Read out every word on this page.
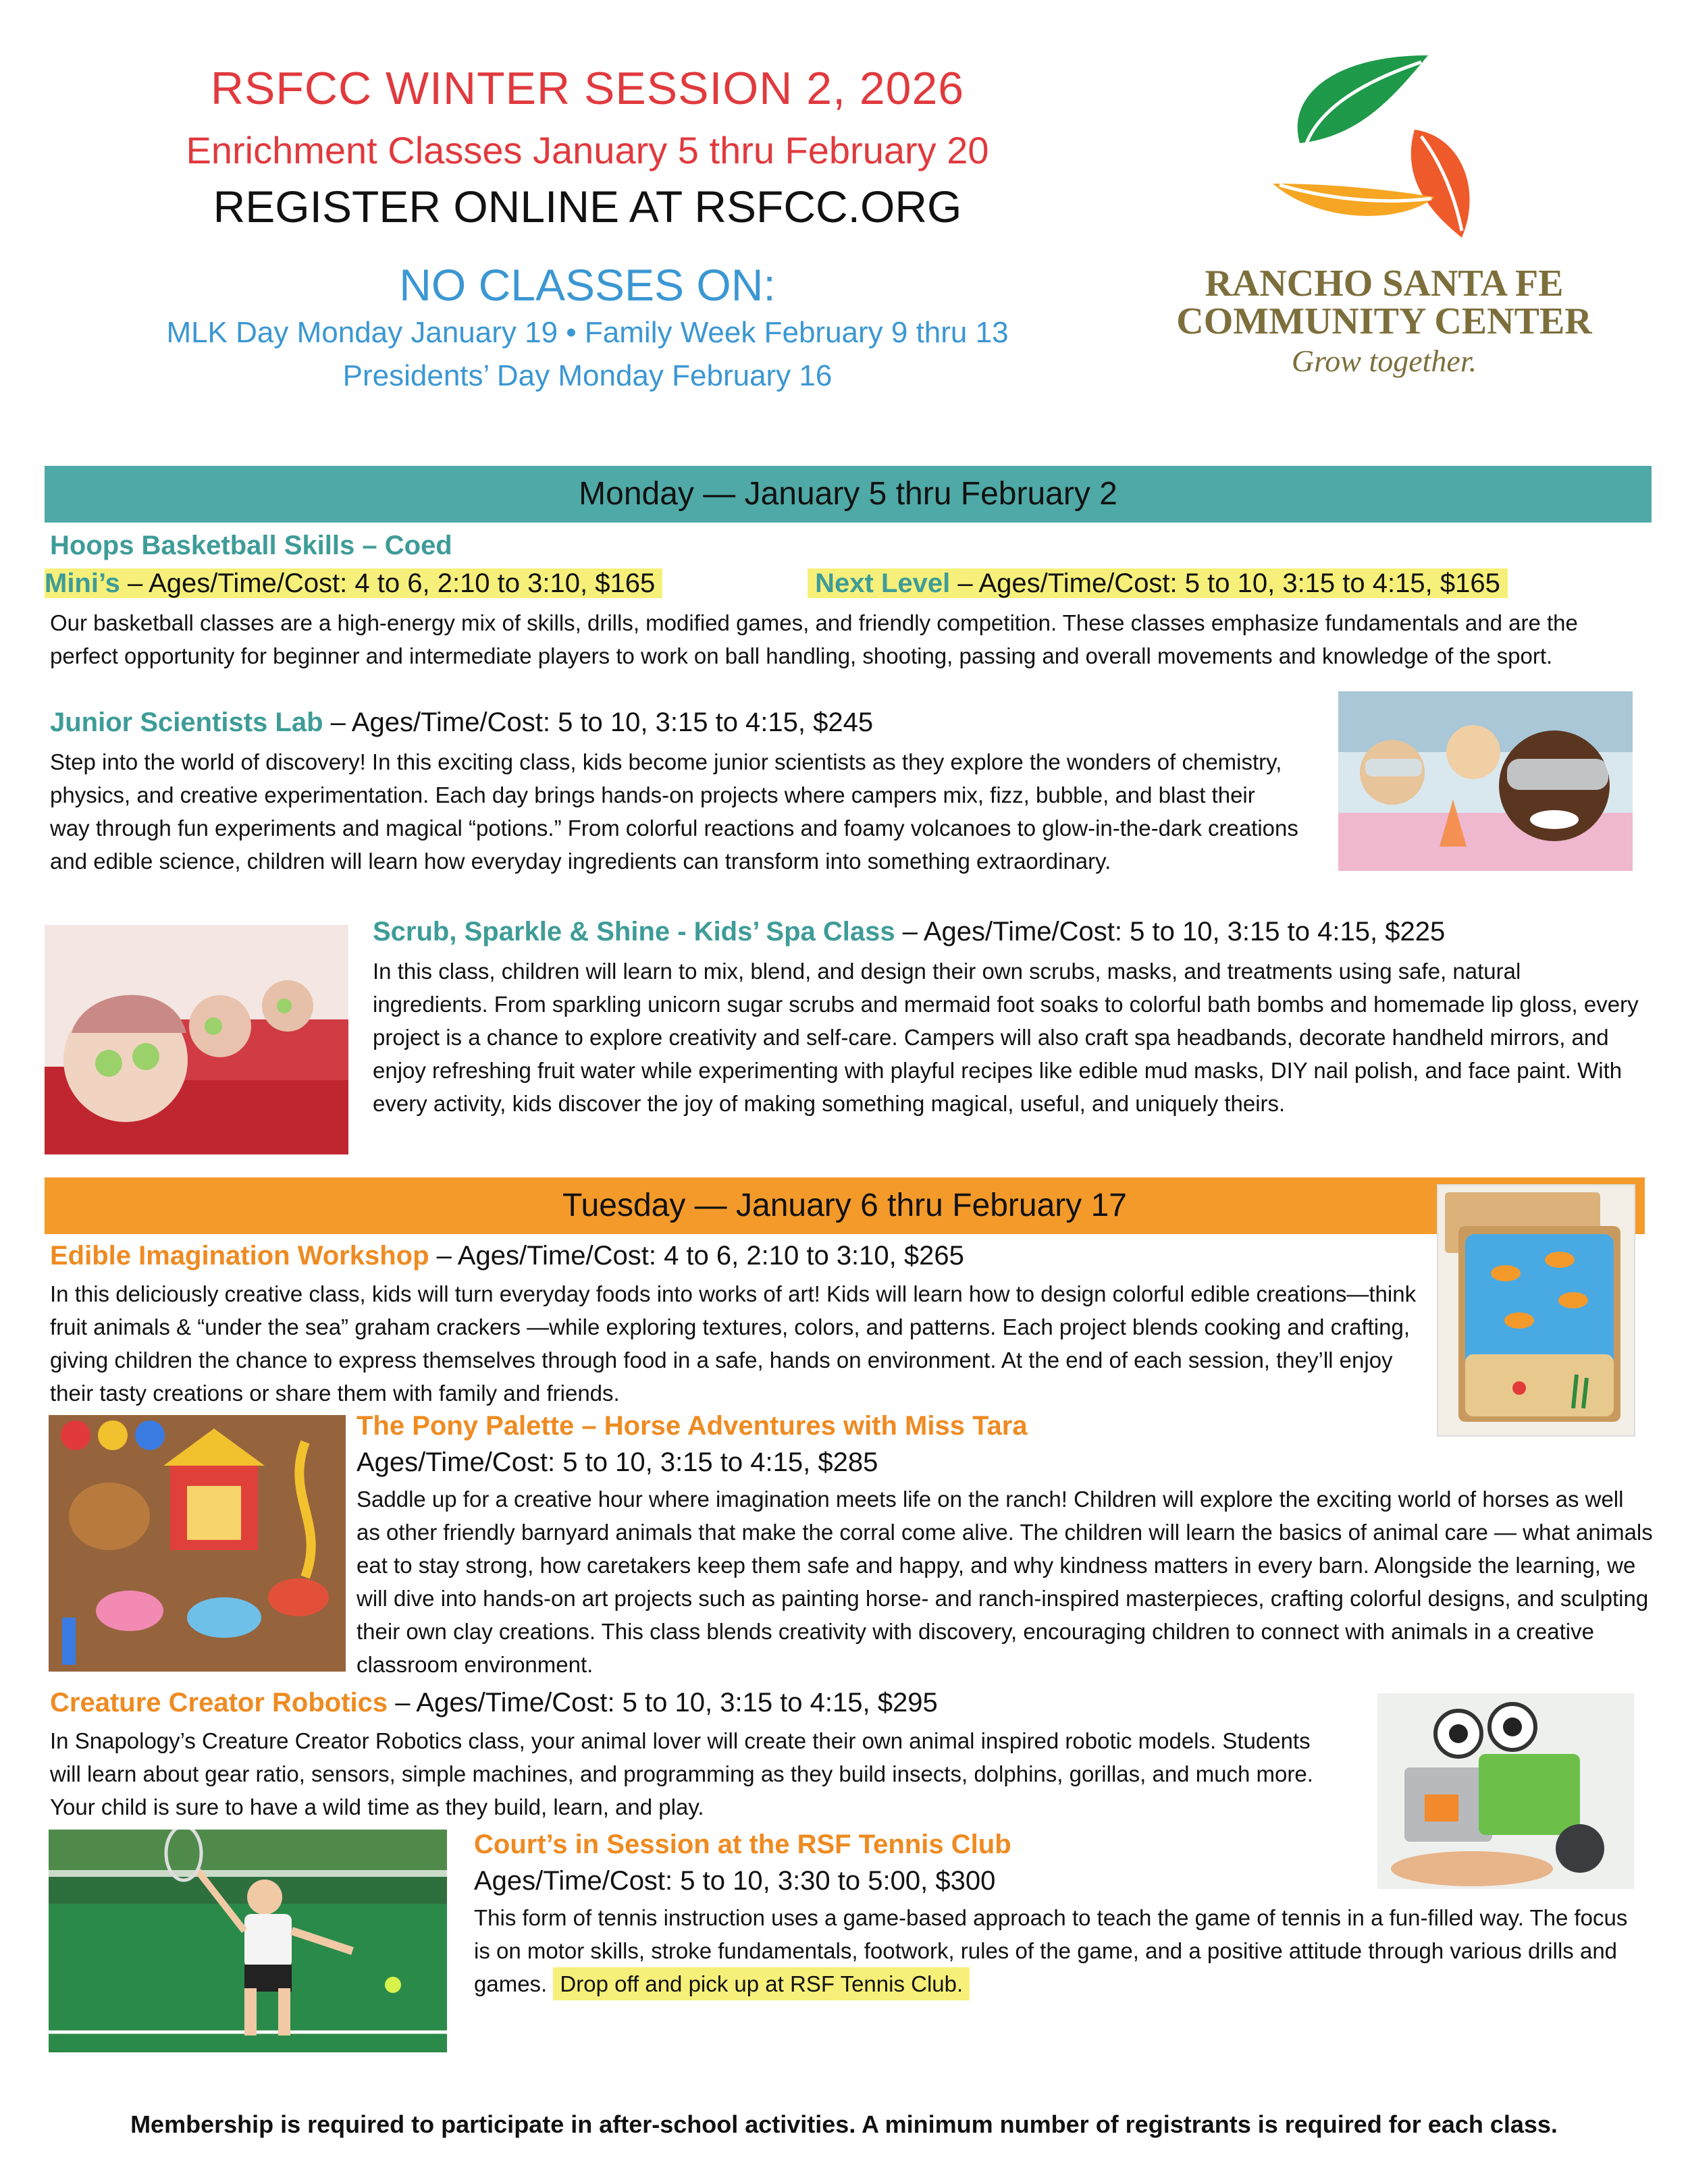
RSFCC WINTER SESSION 2, 2026
Enrichment Classes January 5 thru February 20
REGISTER ONLINE AT RSFCC.ORG
NO CLASSES ON:
MLK Day Monday January 19 • Family Week February 9 thru 13
Presidents’ Day Monday February 16
RANCHO SANTA FE
COMMUNITY CENTER
Grow together.
Monday — January 5 thru February 2
Hoops Basketball Skills – Coed
Mini’s – Ages/Time/Cost: 4 to 6, 2:10 to 3:10, $165	Next Level – Ages/Time/Cost: 5 to 10, 3:15 to 4:15, $165
Our basketball classes are a high-energy mix of skills, drills, modified games, and friendly competition. These classes emphasize fundamentals and are the perfect opportunity for beginner and intermediate players to work on ball handling, shooting, passing and overall movements and knowledge of the sport.
Junior Scientists Lab – Ages/Time/Cost: 5 to 10, 3:15 to 4:15, $245
Step into the world of discovery! In this exciting class, kids become junior scientists as they explore the wonders of chemistry, physics, and creative experimentation. Each day brings hands-on projects where campers mix, fizz, bubble, and blast their way through fun experiments and magical “potions.” From colorful reactions and foamy volcanoes to glow-in-the-dark creations and edible science, children will learn how everyday ingredients can transform into something extraordinary.
Scrub, Sparkle & Shine - Kids’ Spa Class – Ages/Time/Cost: 5 to 10, 3:15 to 4:15, $225
In this class, children will learn to mix, blend, and design their own scrubs, masks, and treatments using safe, natural ingredients. From sparkling unicorn sugar scrubs and mermaid foot soaks to colorful bath bombs and homemade lip gloss, every project is a chance to explore creativity and self-care. Campers will also craft spa headbands, decorate handheld mirrors, and enjoy refreshing fruit water while experimenting with playful recipes like edible mud masks, DIY nail polish, and face paint. With every activity, kids discover the joy of making something magical, useful, and uniquely theirs.
Tuesday — January 6 thru February 17
Edible Imagination Workshop – Ages/Time/Cost: 4 to 6, 2:10 to 3:10, $265
In this deliciously creative class, kids will turn everyday foods into works of art! Kids will learn how to design colorful edible creations—think fruit animals & “under the sea” graham crackers —while exploring textures, colors, and patterns. Each project blends cooking and crafting, giving children the chance to express themselves through food in a safe, hands on environment. At the end of each session, they’ll enjoy their tasty creations or share them with family and friends.
The Pony Palette – Horse Adventures with Miss Tara
Ages/Time/Cost: 5 to 10, 3:15 to 4:15, $285
Saddle up for a creative hour where imagination meets life on the ranch! Children will explore the exciting world of horses as well as other friendly barnyard animals that make the corral come alive. The children will learn the basics of animal care — what animals eat to stay strong, how caretakers keep them safe and happy, and why kindness matters in every barn. Alongside the learning, we will dive into hands-on art projects such as painting horse- and ranch-inspired masterpieces, crafting colorful designs, and sculpting their own clay creations. This class blends creativity with discovery, encouraging children to connect with animals in a creative classroom environment.
Creature Creator Robotics – Ages/Time/Cost: 5 to 10, 3:15 to 4:15, $295
In Snapology’s Creature Creator Robotics class, your animal lover will create their own animal inspired robotic models. Students will learn about gear ratio, sensors, simple machines, and programming as they build insects, dolphins, gorillas, and much more. Your child is sure to have a wild time as they build, learn, and play.
Court’s in Session at the RSF Tennis Club
Ages/Time/Cost: 5 to 10, 3:30 to 5:00, $300
This form of tennis instruction uses a game-based approach to teach the game of tennis in a fun-filled way. The focus is on motor skills, stroke fundamentals, footwork, rules of the game, and a positive attitude through various drills and games. Drop off and pick up at RSF Tennis Club.
Membership is required to participate in after-school activities. A minimum number of registrants is required for each class.
